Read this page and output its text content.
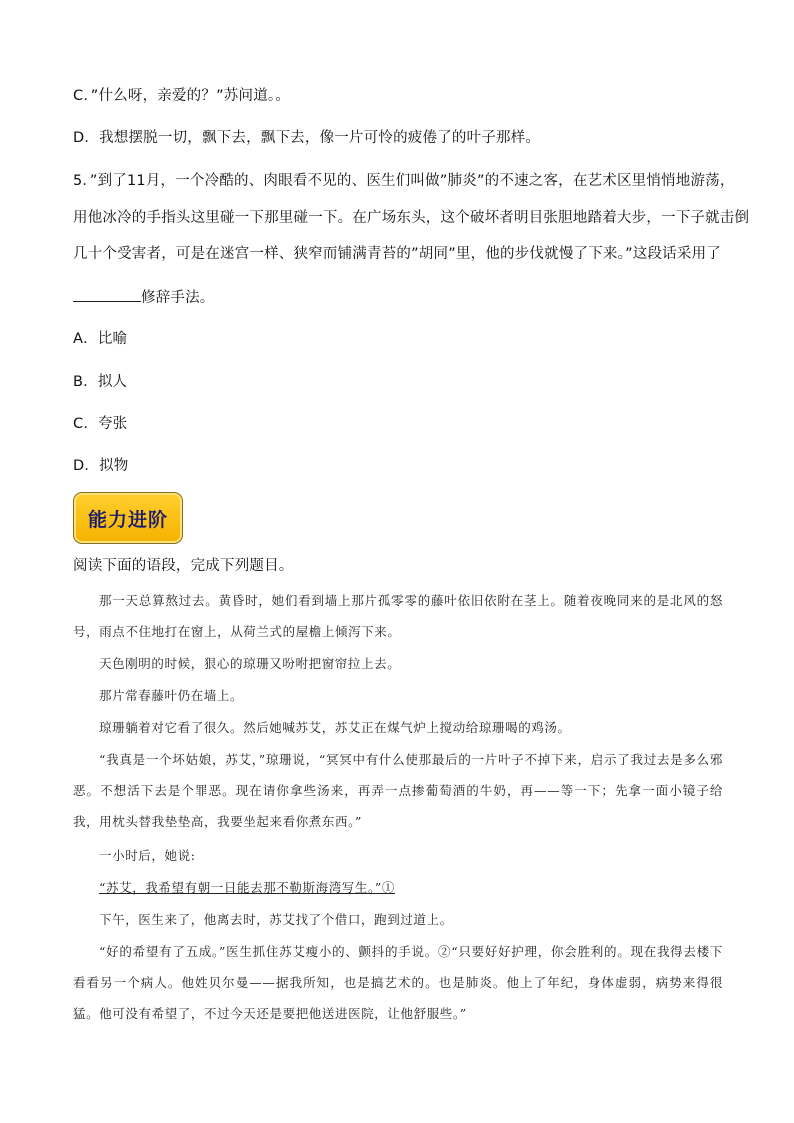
C．”什么呀，亲爱的？”苏问道。。
D．我想摆脱一切，飘下去，飘下去，像一片可怜的疲倦了的叶子那样。
5．”到了11月，一个冷酷的、肉眼看不见的、医生们叫做”肺炎”的不速之客，在艺术区里悄悄地游荡，
用他冰冷的手指头这里碰一下那里碰一下。在广场东头，这个破坏者明目张胆地踏着大步，一下子就击倒
几十个受害者，可是在迷宫一样、狭窄而铺满青苔的”胡同”里，他的步伐就慢了下来。”这段话采用了
修辞手法。
A．比喻
B．拟人
C．夸张
D．拟物
能力进阶
阅读下面的语段，完成下列题目。
那一天总算熬过去。黄昏时，她们看到墙上那片孤零零的藤叶依旧依附在茎上。随着夜晚同来的是北风的怒号，雨点不住地打在窗上，从荷兰式的屋檐上倾泻下来。
天色刚明的时候，狠心的琼珊又吩咐把窗帘拉上去。
那片常春藤叶仍在墙上。
琼珊躺着对它看了很久。然后她喊苏艾，苏艾正在煤气炉上搅动给琼珊喝的鸡汤。
“我真是一个坏姑娘，苏艾，”琼珊说，“冥冥中有什么使那最后的一片叶子不掉下来，启示了我过去是多么邪恶。不想活下去是个罪恶。现在请你拿些汤来，再弄一点掺葡萄酒的牛奶，再——等一下；先拿一面小镜子给我，用枕头替我垫垫高，我要坐起来看你煮东西。”
一小时后，她说:
“苏艾，我希望有朝一日能去那不勒斯海湾写生。”①
下午，医生来了，他离去时，苏艾找了个借口，跑到过道上。
“好的希望有了五成。”医生抓住苏艾瘦小的、颤抖的手说。②“只要好好护理，你会胜利的。现在我得去楼下看看另一个病人。他姓贝尔曼——据我所知，也是搞艺术的。也是肺炎。他上了年纪，身体虚弱，病势来得很猛。他可没有希望了，不过今天还是要把他送进医院，让他舒服些。”
